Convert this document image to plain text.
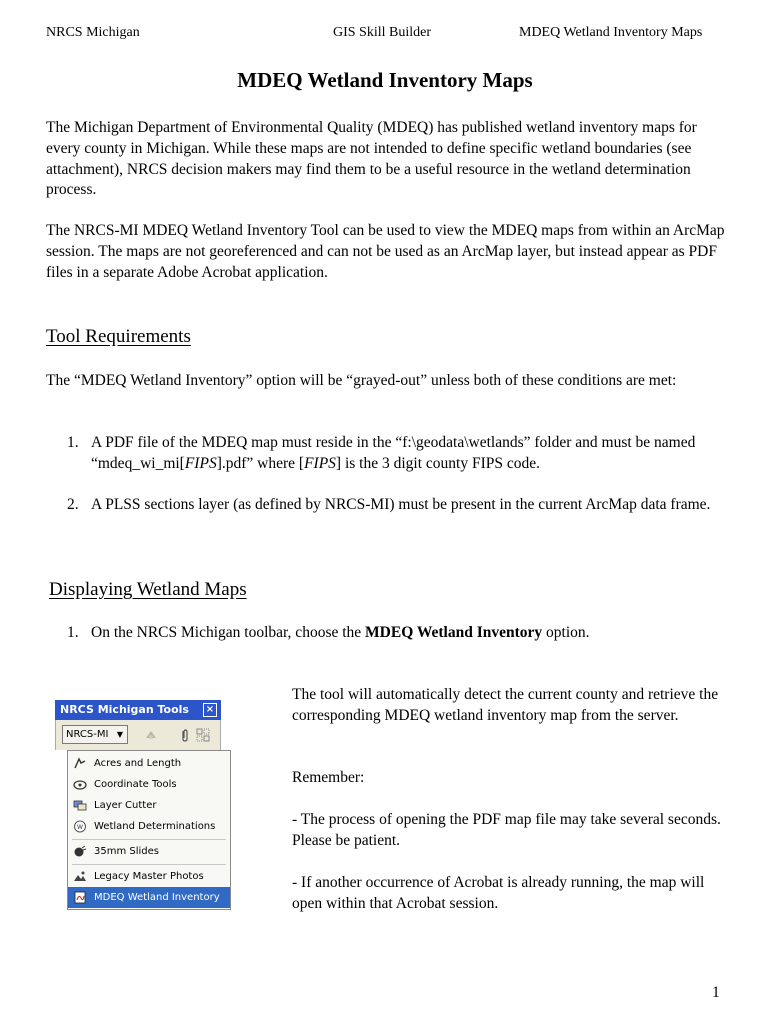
NRCS Michigan	GIS Skill Builder	MDEQ Wetland Inventory Maps
MDEQ Wetland Inventory Maps
The Michigan Department of Environmental Quality (MDEQ) has published wetland inventory maps for every county in Michigan. While these maps are not intended to define specific wetland boundaries (see attachment), NRCS decision makers may find them to be a useful resource in the wetland determination process.
The NRCS-MI MDEQ Wetland Inventory Tool can be used to view the MDEQ maps from within an ArcMap session. The maps are not georeferenced and can not be used as an ArcMap layer, but instead appear as PDF files in a separate Adobe Acrobat application.
Tool Requirements
The “MDEQ Wetland Inventory” option will be “grayed-out” unless both of these conditions are met:
1. A PDF file of the MDEQ map must reside in the “f:\geodata\wetlands” folder and must be named “mdeq_wi_mi[FIPS].pdf” where [FIPS] is the 3 digit county FIPS code.
2. A PLSS sections layer (as defined by NRCS-MI) must be present in the current ArcMap data frame.
Displaying Wetland Maps
1. On the NRCS Michigan toolbar, choose the MDEQ Wetland Inventory option.
The tool will automatically detect the current county and retrieve the corresponding MDEQ wetland inventory map from the server.
Remember:
- The process of opening the PDF map file may take several seconds. Please be patient.
- If another occurrence of Acrobat is already running, the map will open within that Acrobat session.
NRCS Michigan Tools ×
NRCS-MI ▼
Acres and Length
Coordinate Tools
Layer Cutter
W Wetland Determinations
35mm Slides
Legacy Master Photos
MDEQ Wetland Inventory
1
